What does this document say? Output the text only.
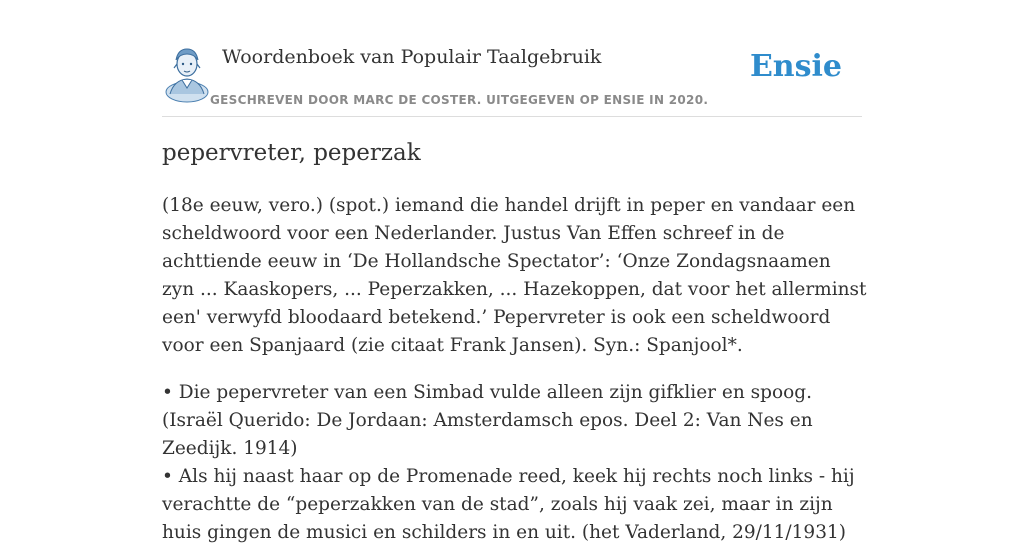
Woordenboek van Populair Taalgebruik
GESCHREVEN DOOR MARC DE COSTER. UITGEGEVEN OP ENSIE IN 2020.
Ensie
pepervreter, peperzak

(18e eeuw, vero.) (spot.) iemand die handel drijft in peper en vandaar een scheldwoord voor een Nederlander. Justus Van Effen schreef in de achttiende eeuw in ‘De Hollandsche Spectator’: ‘Onze Zondagsnaamen zyn ... Kaaskopers, ... Peperzakken, ... Hazekoppen, dat voor het allerminst een' verwyfd bloodaard betekend.’ Pepervreter is ook een scheldwoord voor een Spanjaard (zie citaat Frank Jansen). Syn.: Spanjool*.

• Die pepervreter van een Simbad vulde alleen zijn gifklier en spoog. (Israël Querido: De Jordaan: Amsterdamsch epos. Deel 2: Van Nes en Zeedijk. 1914)
• Als hij naast haar op de Promenade reed, keek hij rechts noch links - hij verachtte de “peperzakken van de stad”, zoals hij vaak zei, maar in zijn huis gingen de musici en schilders in en uit. (het Vaderland, 29/11/1931)
